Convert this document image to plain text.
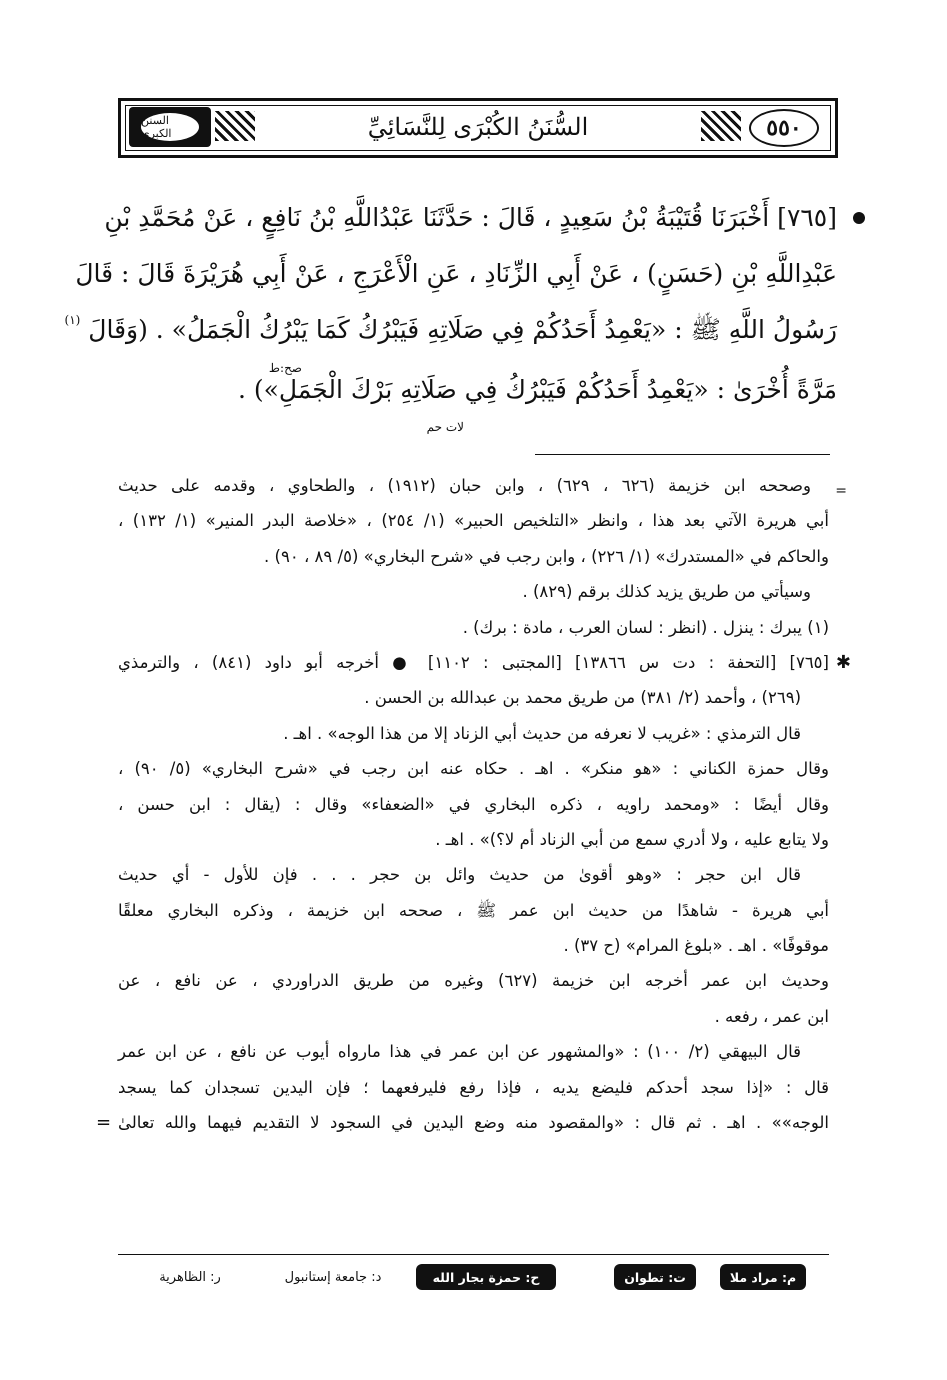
السنن الكبرى	السُّنَنُ الكُبْرَى لِلنَّسَائِيِّ	٥٥٠
[٧٦٥] أَخْبَرَنَا قُتَيْبَةُ بْنُ سَعِيدٍ ، قَالَ : حَدَّثَنَا عَبْدُاللَّهِ بْنُ نَافِعٍ ، عَنْ مُحَمَّدِ بْنِ
عَبْدِاللَّهِ بْنِ (حَسَنٍ) ، عَنْ أَبِي الزِّنَادِ ، عَنِ الْأَعْرَجِ ، عَنْ أَبِي هُرَيْرَةَ قَالَ : قَالَ
رَسُولُ اللَّهِ ﷺ : «يَعْمِدُ أَحَدُكُمْ فِي صَلَاتِهِ فَيَبْرُكُ كَمَا يَبْرُكُ الْجَمَلُ» . (وَقَالَ $^{(١)}$
مَرَّةً أُخْرَىٰ : «يَعْمِدُ أَحَدُكُمْ فَيَبْرُكُ فِي صَلَاتِهِ بَرْكَ الْجَمَلِ») .
صح:ط
لات حم
=
وصححه ابن خزيمة (٦٢٦ ، ٦٢٩) ، وابن حبان (١٩١٢) ، والطحاوي ، وقدمه على حديث
أبي هريرة الآتي بعد هذا ، وانظر «التلخيص الحبير» (١/ ٢٥٤) ، «خلاصة البدر المنير» (١/ ١٣٢) ،
والحاكم في «المستدرك» (١/ ٢٢٦) ، وابن رجب في «شرح البخاري» (٥/ ٨٩ ، ٩٠) .
وسيأتي من طريق يزيد كذلك برقم (٨٢٩) .
(١) يبرك : ينزل . (انظر : لسان العرب ، مادة : برك) .
✱
[٧٦٥] [التحفة : دت س ١٣٨٦٦] [المجتبى : ١١٠٢] ● أخرجه أبو داود (٨٤١) ، والترمذي
(٢٦٩) ، وأحمد (٢/ ٣٨١) من طريق محمد بن عبدالله بن الحسن .
قال الترمذي : «غريب لا نعرفه من حديث أبي الزناد إلا من هذا الوجه» . اهـ .
وقال حمزة الكناني : «هو منكر» . اهـ . حكاه عنه ابن رجب في «شرح البخاري» (٥/ ٩٠) ،
وقال أيضًا : «ومحمد راويه ، ذكره البخاري في «الضعفاء» وقال : (يقال : ابن حسن ،
ولا يتابع عليه ، ولا أدري سمع من أبي الزناد أم لا؟)» . اهـ .
قال ابن حجر : «وهو أقوىٰ من حديث وائل بن حجر . . . فإن للأول - أي حديث
أبي هريرة - شاهدًا من حديث ابن عمر ﷺ ، صححه ابن خزيمة ، وذكره البخاري معلقًا
موقوفًا» . اهـ . «بلوغ المرام» (ح ٣٧) .
وحديث ابن عمر أخرجه ابن خزيمة (٦٢٧) وغيره من طريق الدراوردي ، عن نافع ، عن
ابن عمر ، رفعه .
قال البيهقي (٢/ ١٠٠) : «والمشهور عن ابن عمر في هذا مارواه أيوب عن نافع ، عن ابن عمر
قال : «إذا سجد أحدكم فليضع يديه ، فإذا رفع فليرفعهما ؛ فإن اليدين تسجدان كما يسجد
= الوجه»» . اهـ . ثم قال : «والمقصود منه وضع اليدين في السجود لا التقديم فيهما والله تعالىٰ
م: مراد ملا
ت: تطوان
ح: حمزة بجار الله
د: جامعة إستانبول
ر: الظاهرية
